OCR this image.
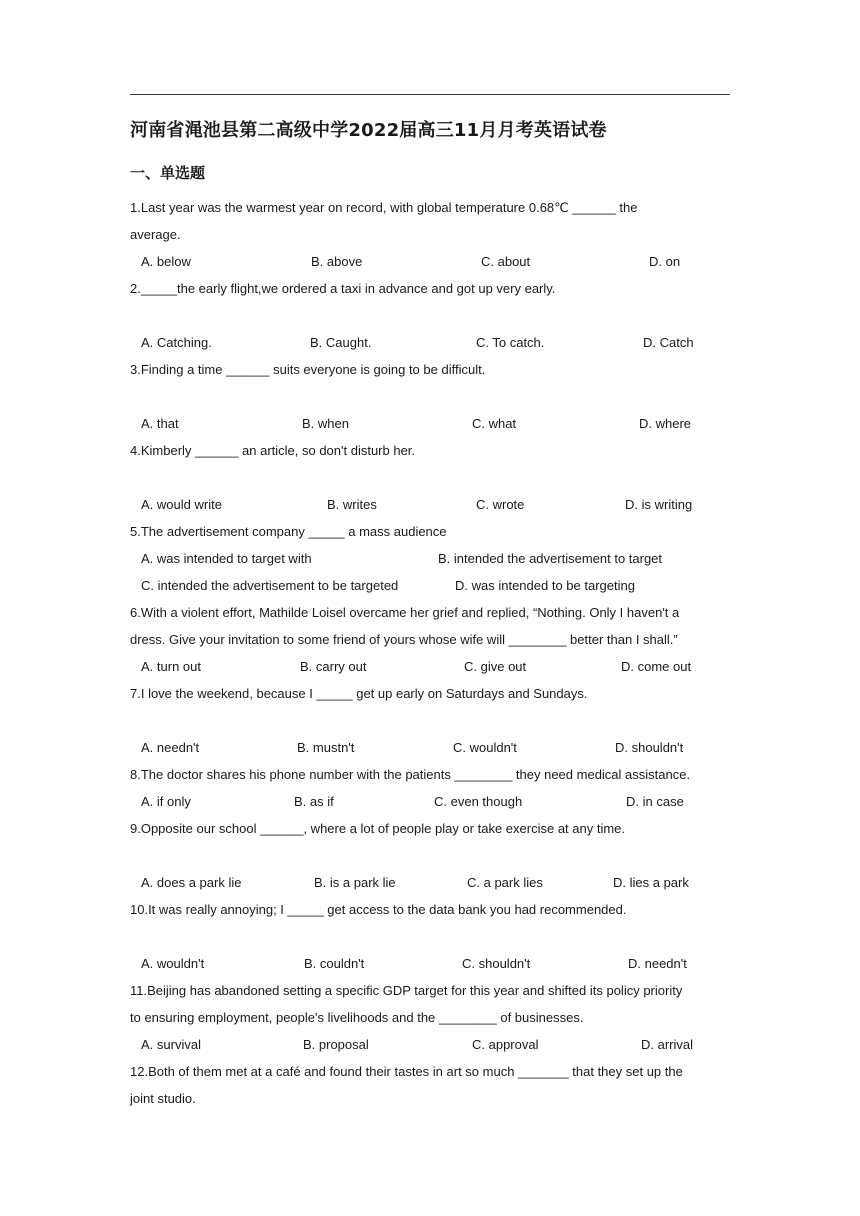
河南省渑池县第二高级中学2022届高三11月月考英语试卷
一、单选题
1.Last year was the warmest year on record, with global temperature 0.68℃ ______ the
average.
A. below	B. above	C. about	D. on
2._____the early flight,we ordered a taxi in advance and got up very early.
A. Catching.	B. Caught.	C. To catch.	D. Catch
3.Finding a time ______ suits everyone is going to be difficult.
A. that	B. when	C. what	D. where
4.Kimberly ______ an article, so don't disturb her.
A. would write	B. writes	C. wrote	D. is writing
5.The advertisement company _____ a mass audience
A. was intended to target with	B. intended the advertisement to target
C. intended the advertisement to be targeted	D. was intended to be targeting
6.With a violent effort, Mathilde Loisel overcame her grief and replied, “Nothing. Only I haven't a
dress. Give your invitation to some friend of yours whose wife will ________ better than I shall.”
A. turn out	B. carry out	C. give out	D. come out
7.I love the weekend, because I _____ get up early on Saturdays and Sundays.
A. needn't	B. mustn't	C. wouldn't	D. shouldn't
8.The doctor shares his phone number with the patients ________ they need medical assistance.
A. if only	B. as if	C. even though	D. in case
9.Opposite our school ______, where a lot of people play or take exercise at any time.
A. does a park lie	B. is a park lie	C. a park lies	D. lies a park
10.It was really annoying; I _____ get access to the data bank you had recommended.
A. wouldn't	B. couldn't	C. shouldn't	D. needn't
11.Beijing has abandoned setting a specific GDP target for this year and shifted its policy priority
to ensuring employment, people's livelihoods and the ________ of businesses.
A. survival	B. proposal	C. approval	D. arrival
12.Both of them met at a café and found their tastes in art so much _______ that they set up the
joint studio.
